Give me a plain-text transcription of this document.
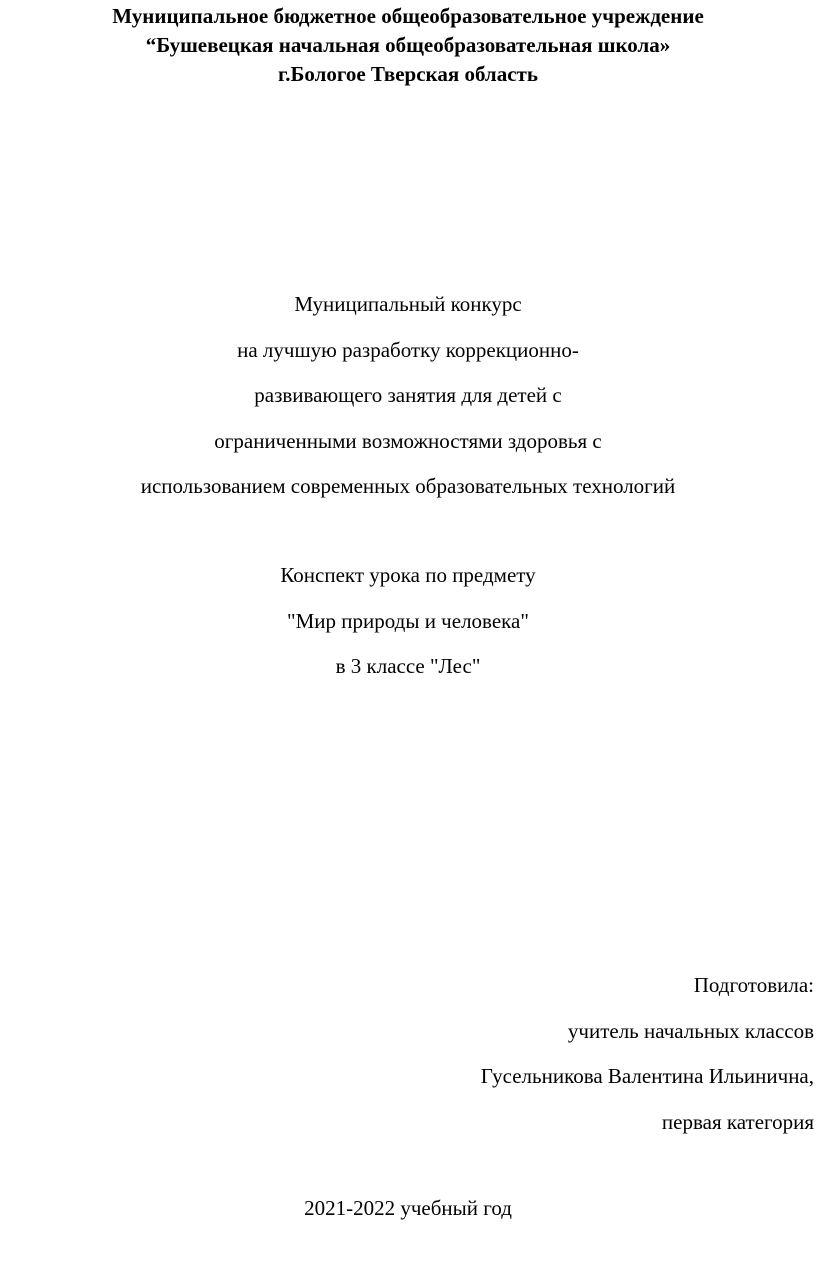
Муниципальное бюджетное общеобразовательное учреждение
“Бушевецкая начальная общеобразовательная школа»
г.Бологое Тверская область
Муниципальный конкурс
на лучшую разработку коррекционно-
развивающего занятия для детей с
ограниченными возможностями здоровья с
использованием современных образовательных технологий
Конспект урока по предмету
"Мир природы и человека"
в 3 классе "Лес"
Подготовила:
учитель начальных классов
Гусельникова Валентина Ильинична,
первая категория
2021-2022 учебный год
